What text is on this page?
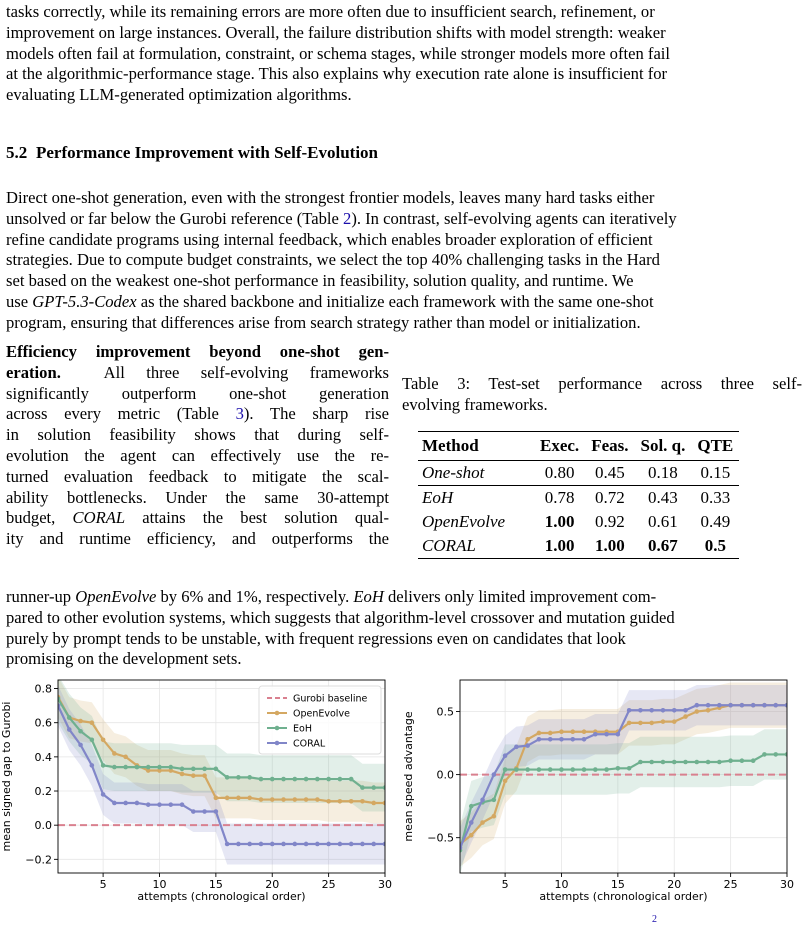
tasks correctly, while its remaining errors are more often due to insufficient search, refinement, or
improvement on large instances. Overall, the failure distribution shifts with model strength: weaker
models often fail at formulation, constraint, or schema stages, while stronger models more often fail
at the algorithmic-performance stage. This also explains why execution rate alone is insufficient for
evaluating LLM-generated optimization algorithms.
5.2 Performance Improvement with Self-Evolution
Direct one-shot generation, even with the strongest frontier models, leaves many hard tasks either
unsolved or far below the Gurobi reference (Table 2). In contrast, self-evolving agents can iteratively
refine candidate programs using internal feedback, which enables broader exploration of efficient
strategies. Due to compute budget constraints, we select the top 40% challenging tasks in the Hard
set based on the weakest one-shot performance in feasibility, solution quality, and runtime. We
use GPT-5.3-Codex as the shared backbone and initialize each framework with the same one-shot
program, ensuring that differences arise from search strategy rather than model or initialization.
Efficiency improvement beyond one-shot gen-
eration.	All three self-evolving frameworks
significantly outperform one-shot generation
across every metric (Table 3). The sharp rise
in solution feasibility shows that during self-
evolution the agent can effectively use the re-
turned evaluation feedback to mitigate the scal-
ability bottlenecks. Under the same 30-attempt
budget, CORAL attains the best solution qual-
ity and runtime efficiency, and outperforms the
runner-up OpenEvolve by 6% and 1%, respectively. EoH delivers only limited improvement com-
pared to other evolution systems, which suggests that algorithm-level crossover and mutation guided
purely by prompt tends to be unstable, with frequent regressions even on candidates that look
promising on the development sets.
Table 3: Test-set performance across three self-
evolving frameworks.
Method	Exec.	Feas.	Sol. q.	QTE
One-shot	0.80	0.45	0.18	0.15
EoH	0.78	0.72	0.43	0.33
OpenEvolve	1.00	0.92	0.61	0.49
CORAL	1.00	1.00	0.67	0.5
5	10	15	20	25	30
−0.2
0.0
0.2
0.4
0.6
0.8
attempts (chronological order)
mean signed gap to Gurobi
Gurobi baseline
OpenEvolve
EoH
CORAL
5	10	15	20	25	30
−0.5
0.0
0.5
attempts (chronological order)
mean speed advantage
2
